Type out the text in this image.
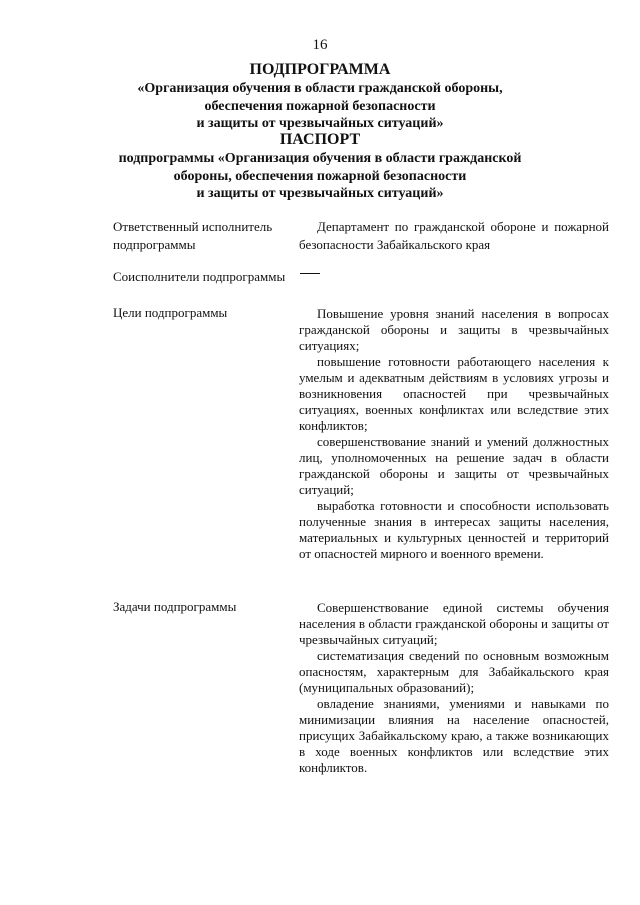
16
ПОДПРОГРАММА
«Организация обучения в области гражданской обороны,
обеспечения пожарной безопасности
и защиты от чрезвычайных ситуаций»
ПАСПОРТ
подпрограммы «Организация обучения в области гражданской
обороны, обеспечения пожарной безопасности
и защиты от чрезвычайных ситуаций»
Ответственный исполнитель подпрограммы

Департамент по гражданской обороне и пожарной безопасности Забайкальского края

Соисполнители подпрограммы
Цели подпрограммы	Повышение уровня знаний населения в вопросах гражданской обороны и защиты в чрезвычайных ситуациях;

повышение готовности работающего населения к умелым и адекватным действиям в условиях угрозы и возникновения опасностей при чрезвычайных ситуациях, военных конфликтах или вследствие этих конфликтов;

совершенствование знаний и умений должностных лиц, уполномоченных на решение задач в области гражданской обороны и защиты от чрезвычайных ситуаций;

выработка готовности и способности использовать полученные знания в интересах защиты населения, материальных и культурных ценностей и территорий от опасностей мирного и военного времени.

Задачи подпрограммы	Совершенствование единой системы обучения населения в области гражданской обороны и защиты от чрезвычайных ситуаций;

систематизация сведений по основным возможным опасностям, характерным для Забайкальского края (муниципальных образований);

овладение знаниями, умениями и навыками по минимизации влияния на население опасностей, присущих Забайкальскому краю, а также возникающих в ходе военных конфликтов или вследствие этих конфликтов.
